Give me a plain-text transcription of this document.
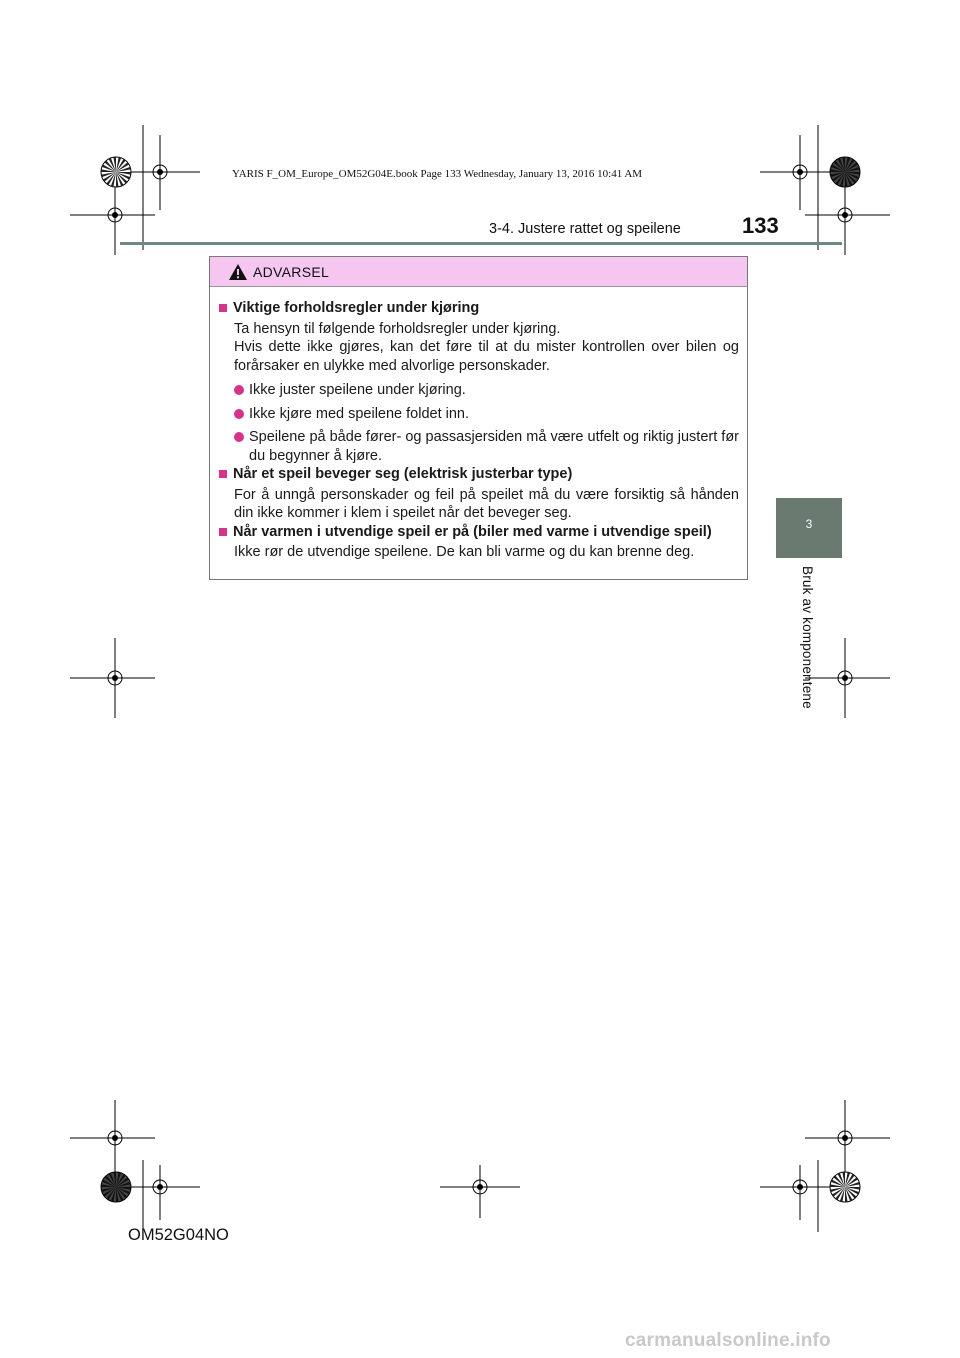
YARIS F_OM_Europe_OM52G04E.book Page 133 Wednesday, January 13, 2016 10:41 AM
3-4. Justere rattet og speilene	133
3
Bruk av komponentene
ADVARSEL
Viktige forholdsregler under kjøring
Ta hensyn til følgende forholdsregler under kjøring.
Hvis dette ikke gjøres, kan det føre til at du mister kontrollen over bilen og forårsaker en ulykke med alvorlige personskader.
Ikke juster speilene under kjøring.
Ikke kjøre med speilene foldet inn.
Speilene på både fører- og passasjersiden må være utfelt og riktig justert før du begynner å kjøre.
Når et speil beveger seg (elektrisk justerbar type)
For å unngå personskader og feil på speilet må du være forsiktig så hånden din ikke kommer i klem i speilet når det beveger seg.
Når varmen i utvendige speil er på (biler med varme i utvendige speil)
Ikke rør de utvendige speilene. De kan bli varme og du kan brenne deg.
OM52G04NO
carmanualsonline.info
